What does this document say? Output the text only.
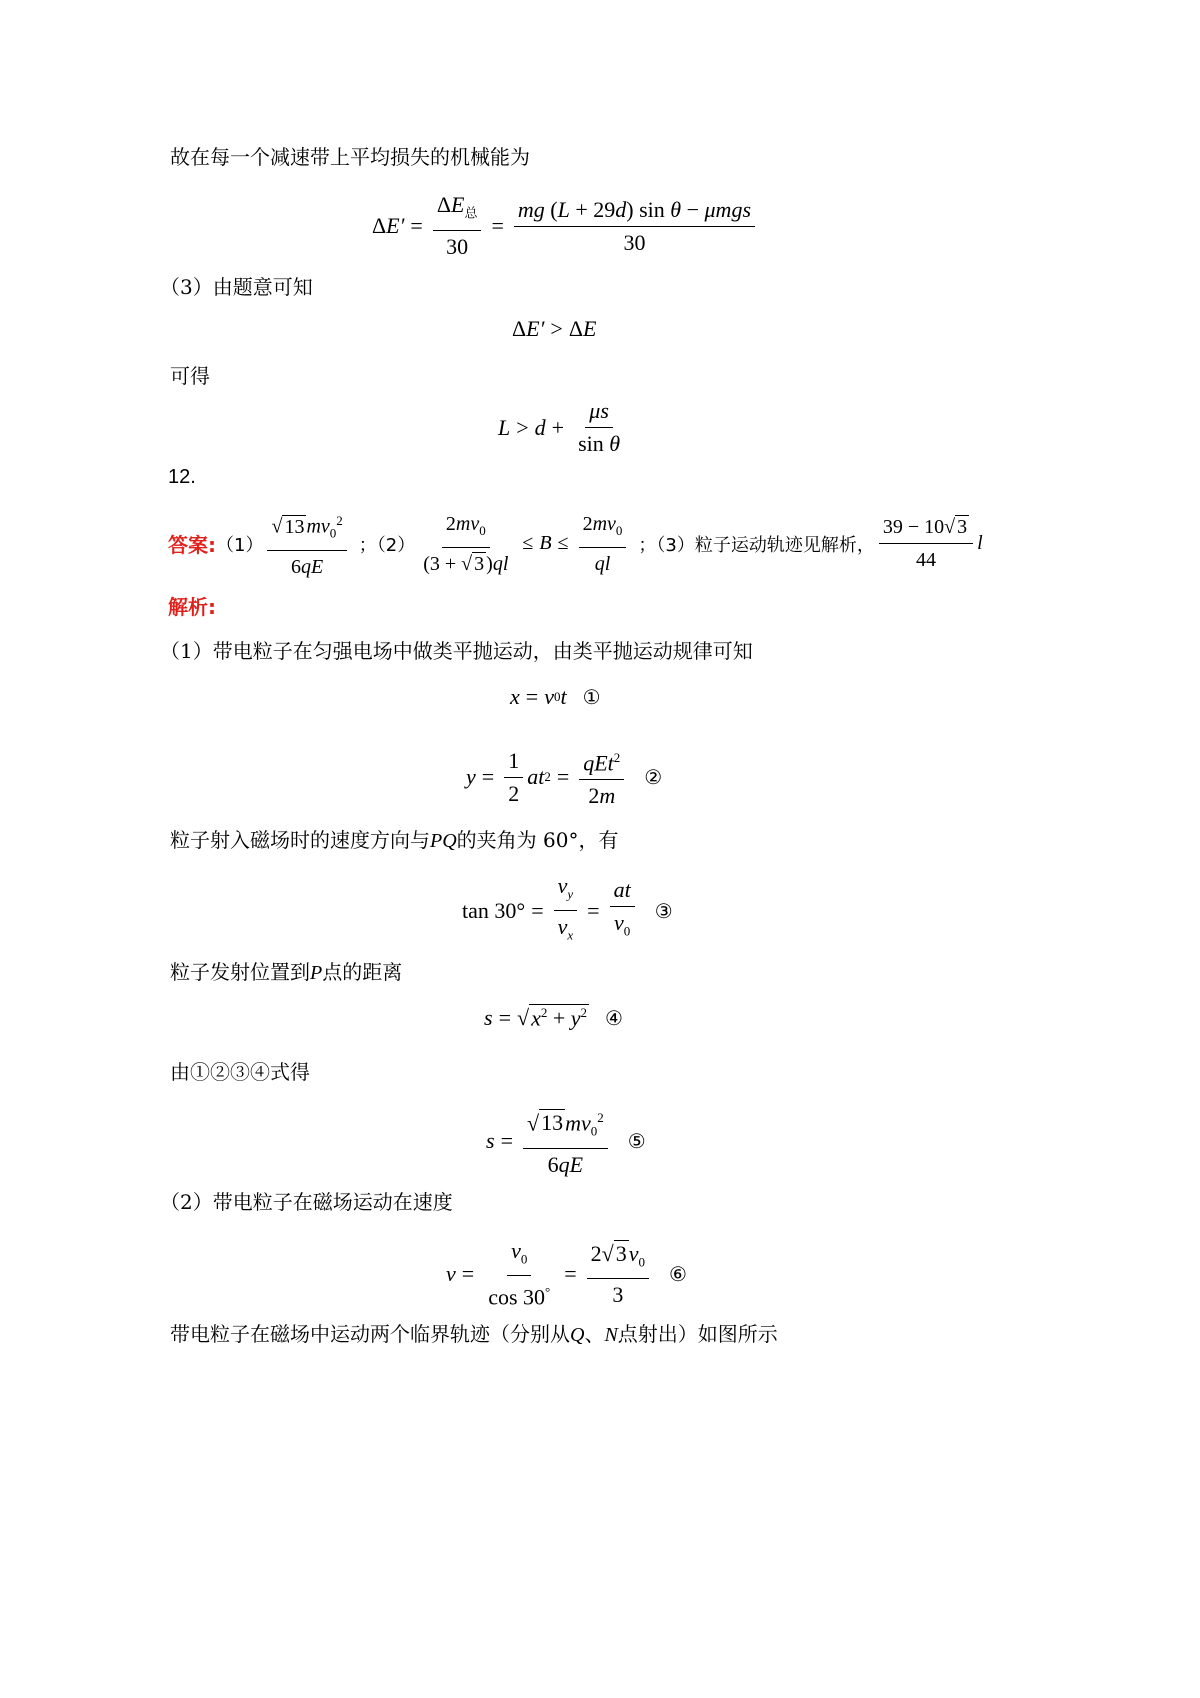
故在每一个减速带上平均损失的机械能为
$\Delta E' = \frac{\Delta E_总}{30} = \frac{\text{mg (L + 29d) sin θ − μmgs}}{30}$
（3）由题意可知
ΔE′ > ΔE
可得
$L > d + \frac{\mu s}{\text{sin θ}}$
12.
答案: $(1) \frac{√ 13 mv_0^2}{6qE}$ ；$(2) \frac{2mv_0}{(3 + √ 3 )ql} \le B \le \frac{2mv_0}{ql}$ ；（3）粒子运动轨迹见解析， $\frac{39 - 10√ 3}{44}$ l
解析:
（1）带电粒子在匀强电场中做类平抛运动，由类平抛运动规律可知
x = v 0 t ①
$y = \frac{1}{2}$ at $2 = \frac{qEt^2}{2m}$ ②
粒子射入磁场时的速度方向与PQ的夹角为 60°，有
$\tan 30^\circ = \frac{v_y}{v_x} = \frac{at}{v_0}$ ③
粒子发射位置到P点的距离
s = √ $x^2 + y^2$ ④
由①②③④式得
$s = \frac{√13mv_0^2}{6qE}$ ⑤
（2）带电粒子在磁场运动在速度
$v = \frac{v_0}{\cos 30^\circ} = \frac{2√3v_0}{3}$ ⑥
带电粒子在磁场中运动两个临界轨迹（分别从Q、N点射出）如图所示
